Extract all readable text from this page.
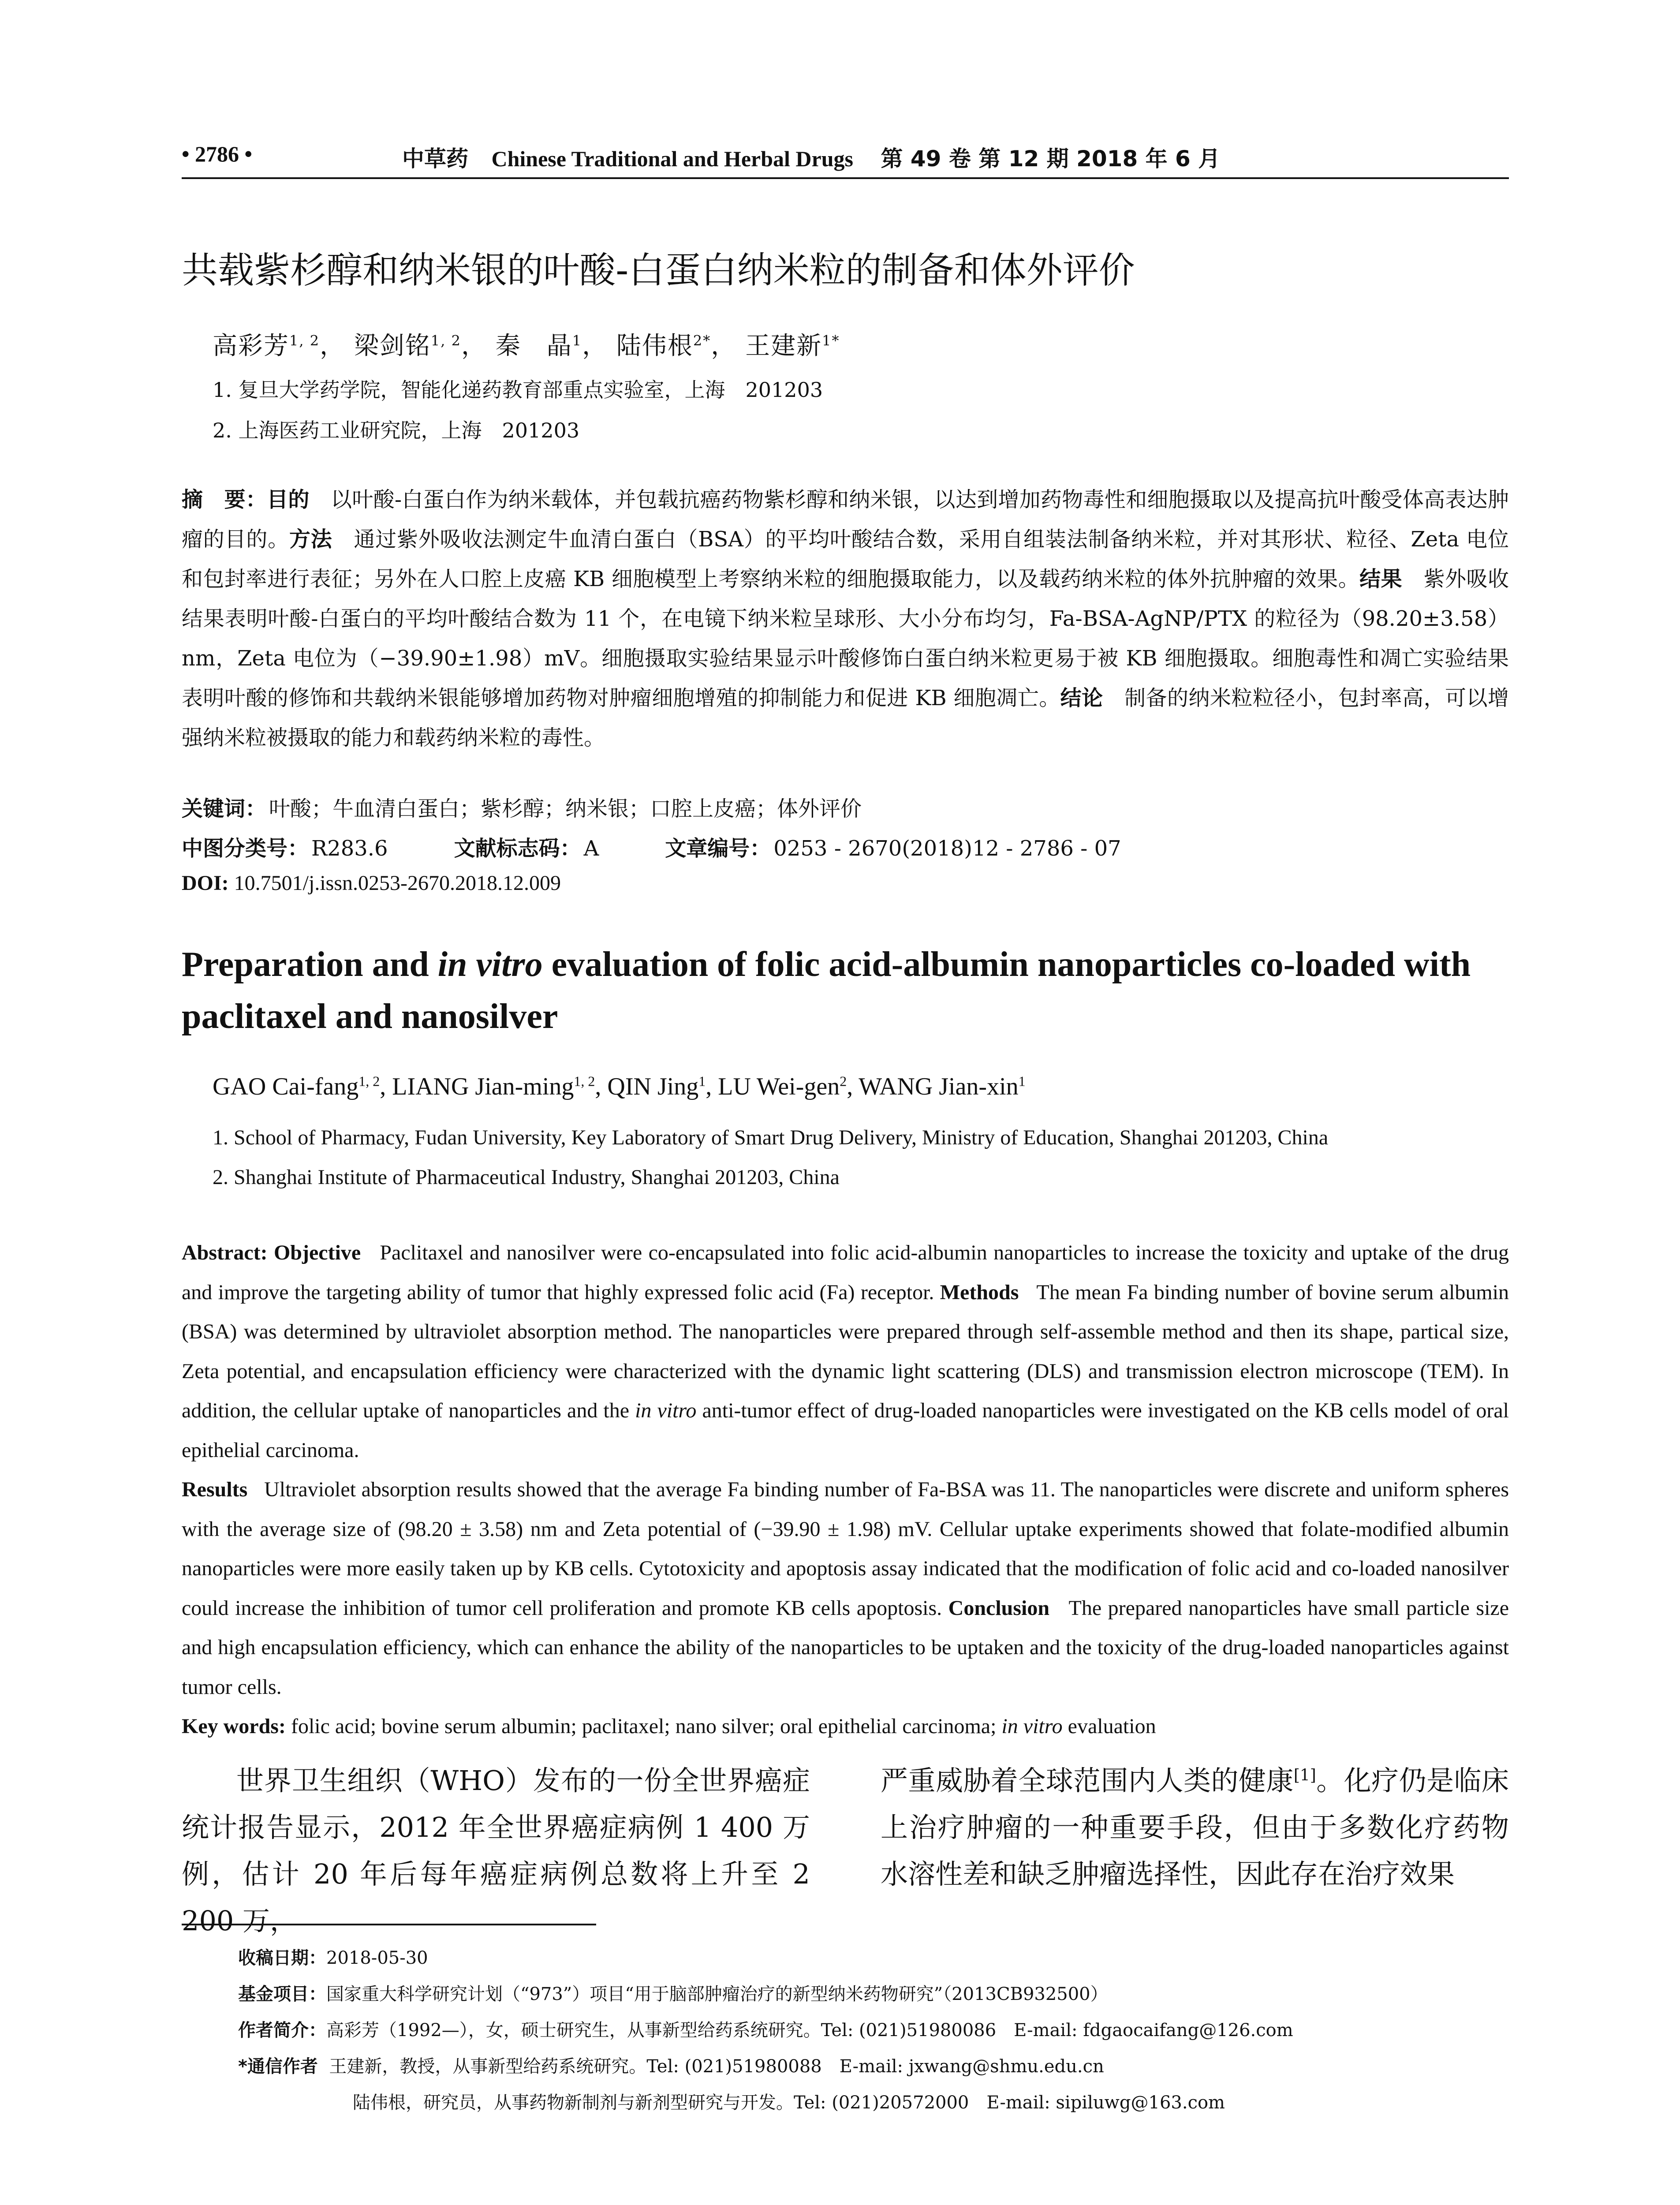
• 2786 •	中草药 Chinese Traditional and Herbal Drugs 第 49 卷 第 12 期 2018 年 6 月
共载紫杉醇和纳米银的叶酸-白蛋白纳米粒的制备和体外评价
高彩芳$^{1, 2}$， 梁剑铭$^{1, 2}$， 秦　晶$^1$， 陆伟根$^{2*}$， 王建新$^{1*}$
1. 复旦大学药学院，智能化递药教育部重点实验室，上海　201203
2. 上海医药工业研究院，上海　201203
摘　要：目的　 以叶酸-白蛋白作为纳米载体，并包载抗癌药物紫杉醇和纳米银，以达到增加药物毒性和细胞摄取以及提高抗叶酸受体高表达肿瘤的目的。方法　 通过紫外吸收法测定牛血清白蛋白（BSA）的平均叶酸结合数，采用自组装法制备纳米粒，并对其形状、粒径、Zeta 电位和包封率进行表征；另外在人口腔上皮癌 KB 细胞模型上考察纳米粒的细胞摄取能力，以及载药纳米粒的体外抗肿瘤的效果。结果　 紫外吸收结果表明叶酸-白蛋白的平均叶酸结合数为 11 个，在电镜下纳米粒呈球形、大小分布均匀，Fa-BSA-AgNP/PTX 的粒径为（98.20±3.58）nm，Zeta 电位为（−39.90±1.98）mV。细胞摄取实验结果显示叶酸修饰白蛋白纳米粒更易于被 KB 细胞摄取。细胞毒性和凋亡实验结果表明叶酸的修饰和共载纳米银能够增加药物对肿瘤细胞增殖的抑制能力和促进 KB 细胞凋亡。结论　 制备的纳米粒粒径小，包封率高，可以增强纳米粒被摄取的能力和载药纳米粒的毒性。
关键词： 叶酸；牛血清白蛋白；紫杉醇；纳米银；口腔上皮癌；体外评价
中图分类号： R283.6	文献标志码： A	文章编号： 0253 - 2670(2018)12 - 2786 - 07
DOI: 10.7501/j.issn.0253-2670.2018.12.009
Preparation and in vitro evaluation of folic acid-albumin nanoparticles co-loaded with paclitaxel and nanosilver
GAO Cai-fang$^{1, 2}$, LIANG Jian-ming$^{1, 2}$, QIN Jing$^1$, LU Wei-gen$^2$, WANG Jian-xin$^1$
1. School of Pharmacy, Fudan University, Key Laboratory of Smart Drug Delivery, Ministry of Education, Shanghai 201203, China
2. Shanghai Institute of Pharmaceutical Industry, Shanghai 201203, China
Abstract: Objective Paclitaxel and nanosilver were co-encapsulated into folic acid-albumin nanoparticles to increase the toxicity and uptake of the drug and improve the targeting ability of tumor that highly expressed folic acid (Fa) receptor. Methods The mean Fa binding number of bovine serum albumin (BSA) was determined by ultraviolet absorption method. The nanoparticles were prepared through self-assemble method and then its shape, partical size, Zeta potential, and encapsulation efficiency were characterized with the dynamic light scattering (DLS) and transmission electron microscope (TEM). In addition, the cellular uptake of nanoparticles and the in vitro anti-tumor effect of drug-loaded nanoparticles were investigated on the KB cells model of oral epithelial carcinoma.
Results Ultraviolet absorption results showed that the average Fa binding number of Fa-BSA was 11. The nanoparticles were discrete and uniform spheres with the average size of (98.20 ± 3.58) nm and Zeta potential of (−39.90 ± 1.98) mV. Cellular uptake experiments showed that folate-modified albumin nanoparticles were more easily taken up by KB cells. Cytotoxicity and apoptosis assay indicated that the modification of folic acid and co-loaded nanosilver could increase the inhibition of tumor cell proliferation and promote KB cells apoptosis. Conclusion The prepared nanoparticles have small particle size and high encapsulation efficiency, which can enhance the ability of the nanoparticles to be uptaken and the toxicity of the drug-loaded nanoparticles against tumor cells.
Key words: folic acid; bovine serum albumin; paclitaxel; nano silver; oral epithelial carcinoma; in vitro evaluation
世界卫生组织（WHO）发布的一份全世界癌症统计报告显示，2012 年全世界癌症病例 1 400 万例，估计 20 年后每年癌症病例总数将上升至 2 200 万，
严重威胁着全球范围内人类的健康[1]。化疗仍是临床上治疗肿瘤的一种重要手段，但由于多数化疗药物水溶性差和缺乏肿瘤选择性，因此存在治疗效果
收稿日期：2018-05-30
基金项目：国家重大科学研究计划（“973”）项目“用于脑部肿瘤治疗的新型纳米药物研究”（2013CB932500）
作者简介：高彩芳（1992—），女，硕士研究生，从事新型给药系统研究。Tel: (021)51980086　E-mail: fdgaocaifang@126.com
*通信作者 王建新，教授，从事新型给药系统研究。Tel: (021)51980088　E-mail: jxwang@shmu.edu.cn
陆伟根，研究员，从事药物新制剂与新剂型研究与开发。Tel: (021)20572000　E-mail: sipiluwg@163.com
